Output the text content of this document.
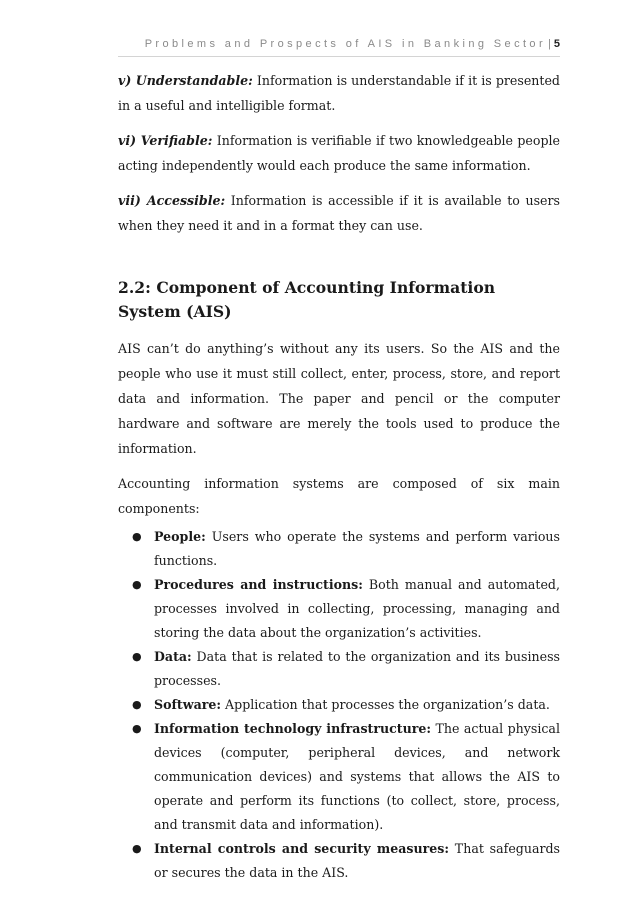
Problems and Prospects of AIS in Banking Sector | 5

v) Understandable: Information is understandable if it is presented in a useful and intelligible format.

vi) Verifiable: Information is verifiable if two knowledgeable people acting independently would each produce the same information.

vii) Accessible: Information is accessible if it is available to users when they need it and in a format they can use.

2.2: Component of Accounting Information System (AIS)

AIS can’t do anything’s without any its users. So the AIS and the people who use it must still collect, enter, process, store, and report data and information. The paper and pencil or the computer hardware and software are merely the tools used to produce the information.

Accounting information systems are composed of six main components:

● People: Users who operate the systems and perform various functions.
● Procedures and instructions: Both manual and automated, processes involved in collecting, processing, managing and storing the data about the organization’s activities.
● Data: Data that is related to the organization and its business processes.
● Software: Application that processes the organization’s data.
● Information technology infrastructure: The actual physical devices (computer, peripheral devices, and network communication devices) and systems that allows the AIS to operate and perform its functions (to collect, store, process, and transmit data and information).
● Internal controls and security measures: That safeguards or secures the data in the AIS.
